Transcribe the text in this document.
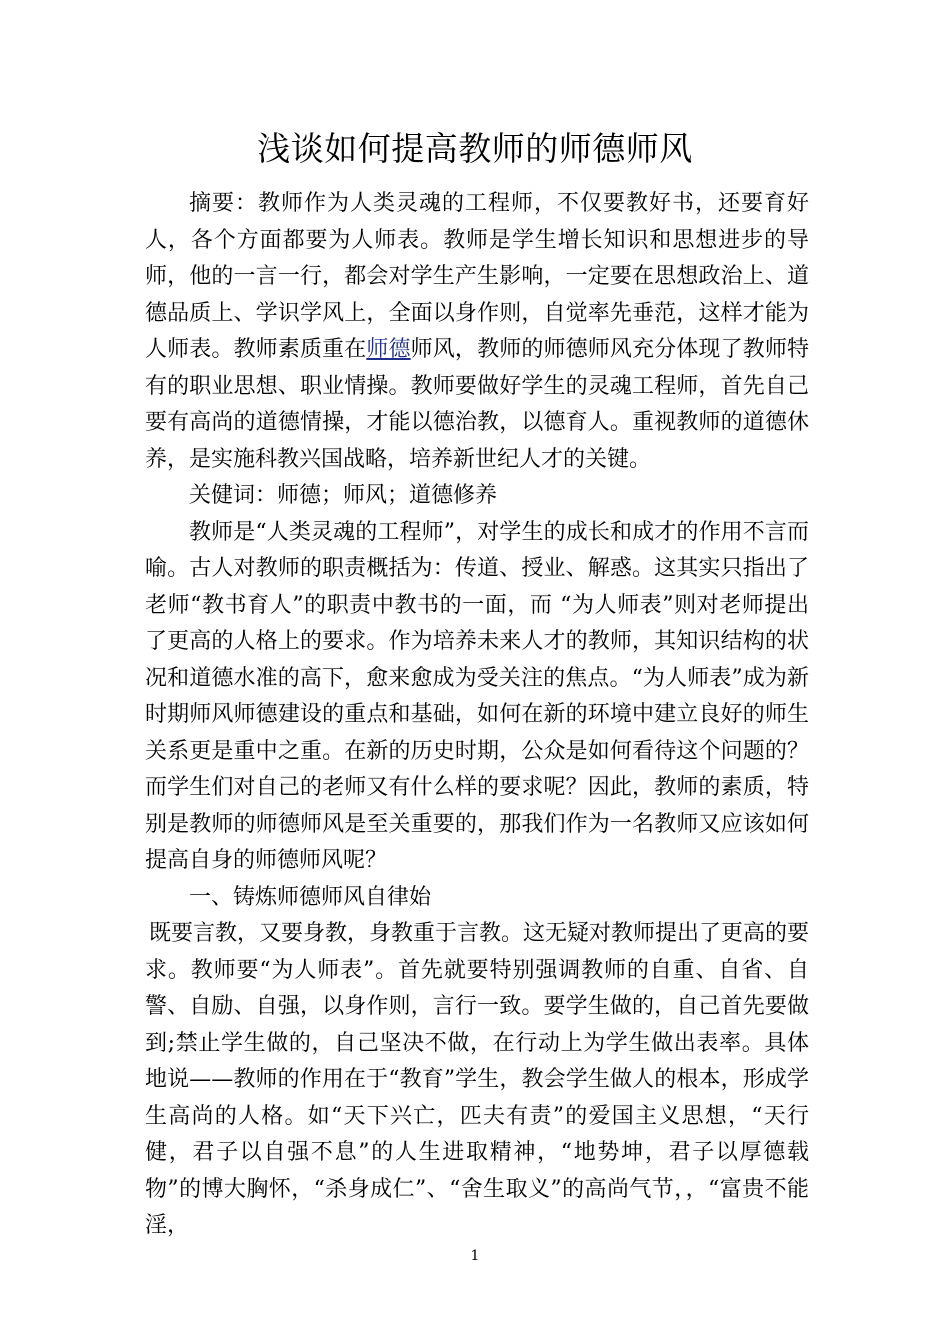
浅谈如何提高教师的师德师风

摘要：教师作为人类灵魂的工程师，不仅要教好书，还要育好人，各个方面都要为人师表。教师是学生增长知识和思想进步的导师，他的一言一行，都会对学生产生影响，一定要在思想政治上、道德品质上、学识学风上，全面以身作则，自觉率先垂范，这样才能为人师表。教师素质重在师德师风，教师的师德师风充分体现了教师特有的职业思想、职业情操。教师要做好学生的灵魂工程师，首先自己要有高尚的道德情操，才能以德治教，以德育人。重视教师的道德休养，是实施科教兴国战略，培养新世纪人才的关键。

关健词：师德；师风；道德修养

教师是“人类灵魂的工程师”，对学生的成长和成才的作用不言而喻。古人对教师的职责概括为：传道、授业、解惑。这其实只指出了老师“教书育人”的职责中教书的一面，而 “为人师表”则对老师提出了更高的人格上的要求。作为培养未来人才的教师，其知识结构的状况和道德水准的高下，愈来愈成为受关注的焦点。“为人师表”成为新时期师风师德建设的重点和基础，如何在新的环境中建立良好的师生关系更是重中之重。在新的历史时期，公众是如何看待这个问题的？而学生们对自己的老师又有什么样的要求呢？因此，教师的素质，特别是教师的师德师风是至关重要的，那我们作为一名教师又应该如何提高自身的师德师风呢？

一、铸炼师德师风自律始

既要言教，又要身教，身教重于言教。这无疑对教师提出了更高的要求。教师要“为人师表”。首先就要特别强调教师的自重、自省、自警、自励、自强，以身作则，言行一致。要学生做的，自己首先要做到;禁止学生做的，自己坚决不做，在行动上为学生做出表率。具体地说——教师的作用在于“教育”学生，教会学生做人的根本，形成学生高尚的人格。如“天下兴亡，匹夫有责”的爱国主义思想，“天行健，君子以自强不息”的人生进取精神，“地势坤，君子以厚德载物”的博大胸怀，“杀身成仁”、“舍生取义”的高尚气节，，“富贵不能淫，

1
